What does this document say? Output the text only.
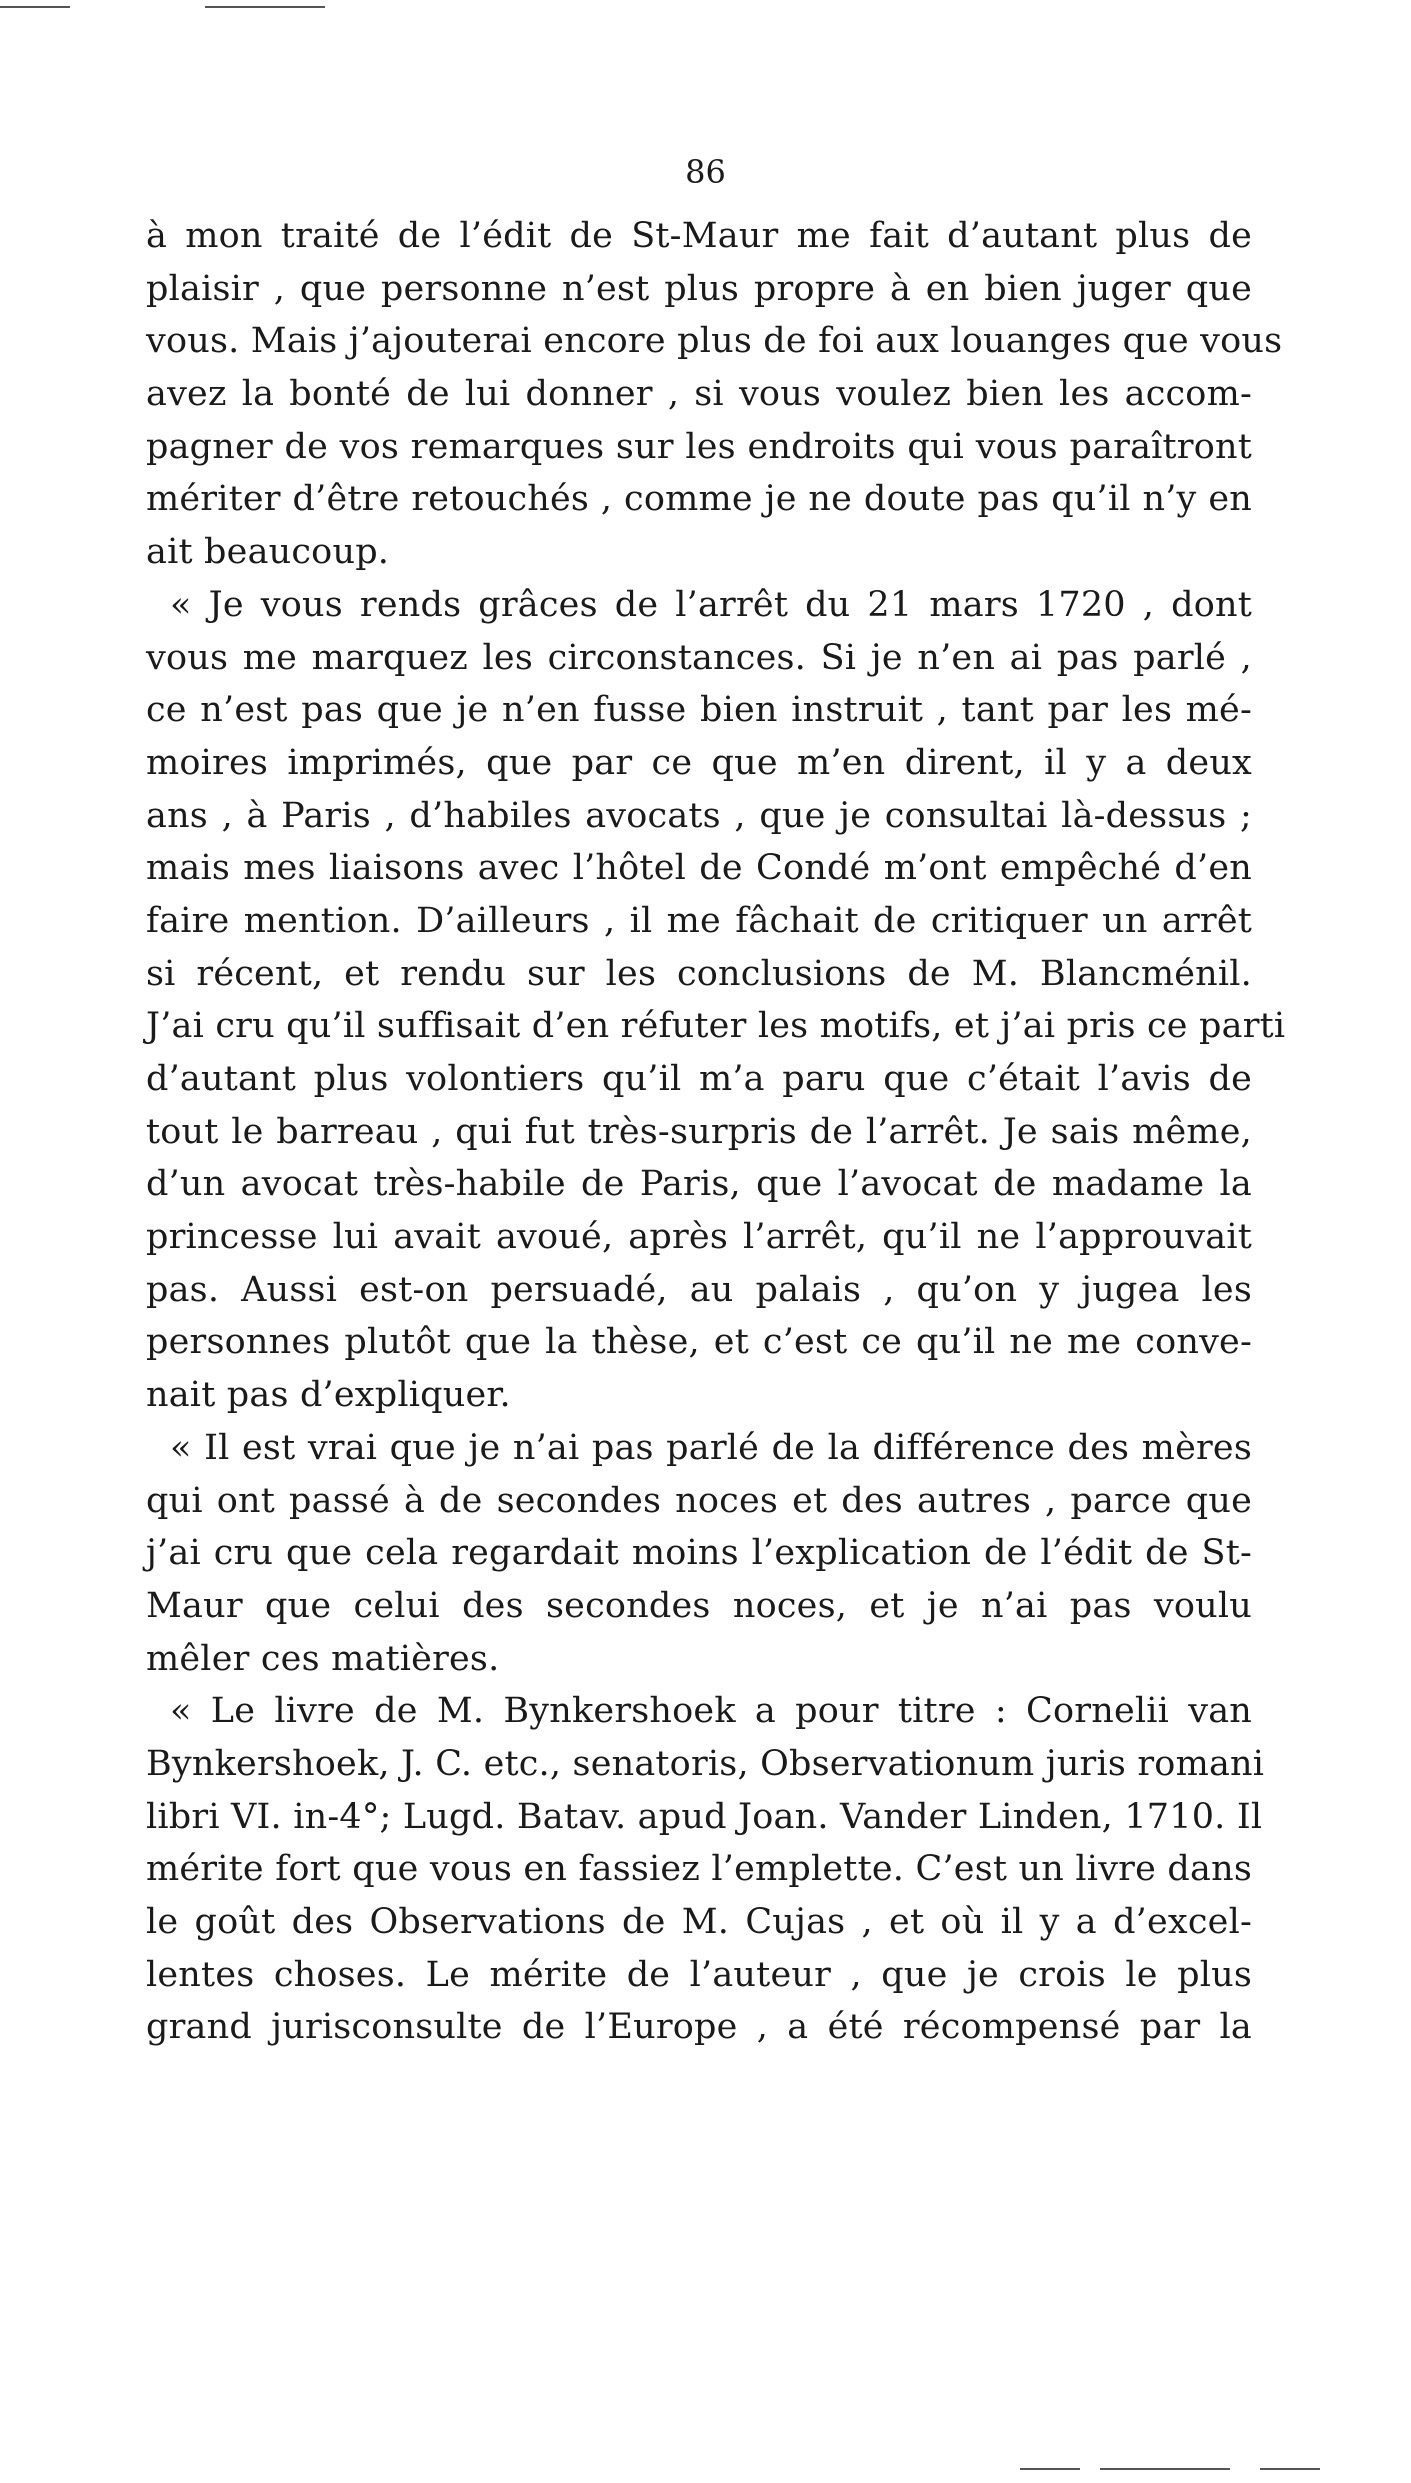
86
à mon traité de l’édit de St-Maur me fait d’autant plus de
plaisir , que personne n’est plus propre à en bien juger que
vous. Mais j’ajouterai encore plus de foi aux louanges que vous
avez la bonté de lui donner , si vous voulez bien les accom-
pagner de vos remarques sur les endroits qui vous paraîtront
mériter d’être retouchés , comme je ne doute pas qu’il n’y en
ait beaucoup.
« Je vous rends grâces de l’arrêt du 21 mars 1720 , dont
vous me marquez les circonstances. Si je n’en ai pas parlé ,
ce n’est pas que je n’en fusse bien instruit , tant par les mé-
moires imprimés, que par ce que m’en dirent, il y a deux
ans , à Paris , d’habiles avocats , que je consultai là-dessus ;
mais mes liaisons avec l’hôtel de Condé m’ont empêché d’en
faire mention. D’ailleurs , il me fâchait de critiquer un arrêt
si récent, et rendu sur les conclusions de M. Blancménil.
J’ai cru qu’il suffisait d’en réfuter les motifs, et j’ai pris ce parti
d’autant plus volontiers qu’il m’a paru que c’était l’avis de
tout le barreau , qui fut très-surpris de l’arrêt. Je sais même,
d’un avocat très-habile de Paris, que l’avocat de madame la
princesse lui avait avoué, après l’arrêt, qu’il ne l’approuvait
pas. Aussi est-on persuadé, au palais , qu’on y jugea les
personnes plutôt que la thèse, et c’est ce qu’il ne me conve-
nait pas d’expliquer.
« Il est vrai que je n’ai pas parlé de la différence des mères
qui ont passé à de secondes noces et des autres , parce que
j’ai cru que cela regardait moins l’explication de l’édit de St-
Maur que celui des secondes noces, et je n’ai pas voulu
mêler ces matières.
« Le livre de M. Bynkershoek a pour titre : Cornelii van
Bynkershoek, J. C. etc., senatoris, Observationum juris romani
libri VI. in-4°; Lugd. Batav. apud Joan. Vander Linden, 1710. Il
mérite fort que vous en fassiez l’emplette. C’est un livre dans
le goût des Observations de M. Cujas , et où il y a d’excel-
lentes choses. Le mérite de l’auteur , que je crois le plus
grand jurisconsulte de l’Europe , a été récompensé par la
